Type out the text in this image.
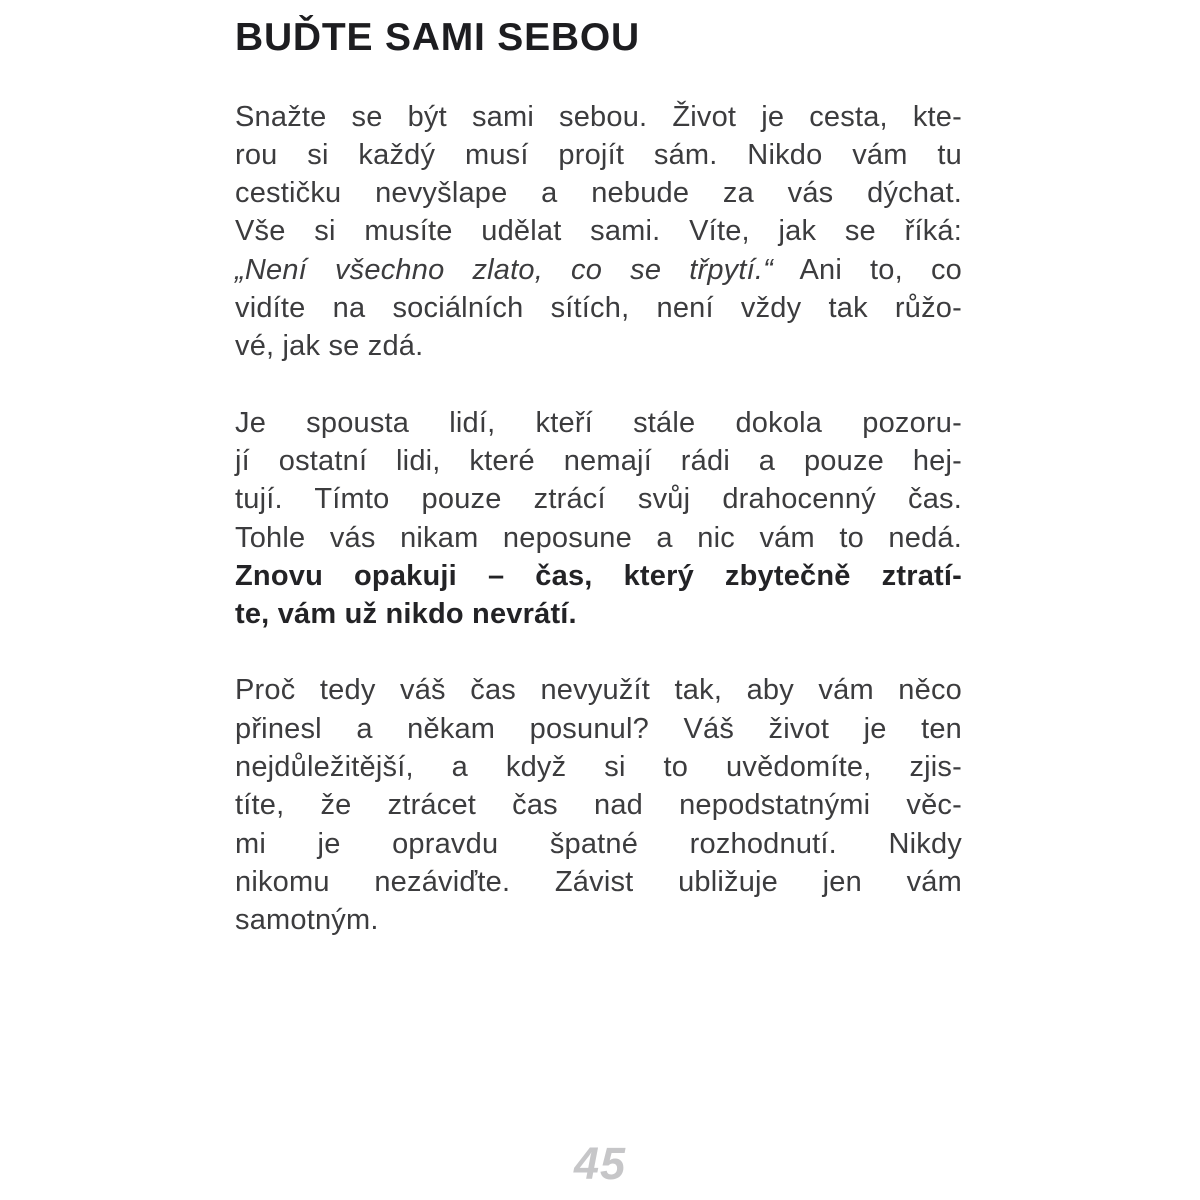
BUĎTE SAMI SEBOU
Snažte se být sami sebou. Život je cesta, kte-
rou si každý musí projít sám. Nikdo vám tu
cestičku nevyšlape a nebude za vás dýchat.
Vše si musíte udělat sami. Víte, jak se říká:
„Není všechno zlato, co se třpytí.“ Ani to, co
vidíte na sociálních sítích, není vždy tak růžo-
vé, jak se zdá.
Je spousta lidí, kteří stále dokola pozoru-
jí ostatní lidi, které nemají rádi a pouze hej-
tují. Tímto pouze ztrácí svůj drahocenný čas.
Tohle vás nikam neposune a nic vám to nedá.
Znovu opakuji – čas, který zbytečně ztratí-
te, vám už nikdo nevrátí.
Proč tedy váš čas nevyužít tak, aby vám něco
přinesl a někam posunul? Váš život je ten
nejdůležitější, a když si to uvědomíte, zjis-
títe, že ztrácet čas nad nepodstatnými věc-
mi je opravdu špatné rozhodnutí. Nikdy
nikomu nezáviďte. Závist ubližuje jen vám
samotným.
45
